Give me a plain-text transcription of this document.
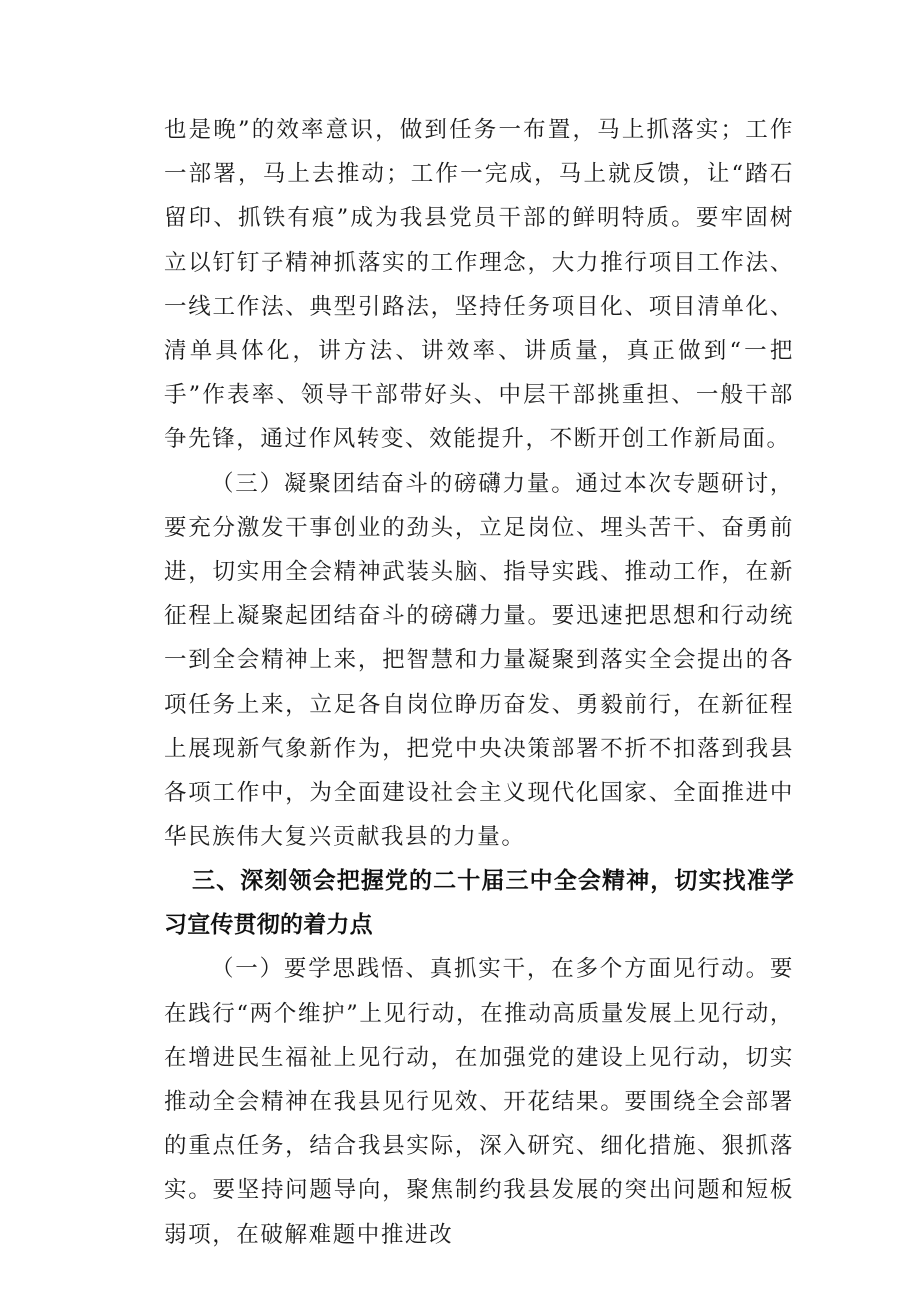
也是晚”的效率意识，做到任务一布置，马上抓落实；工作一部署，马上去推动；工作一完成，马上就反馈，让“踏石留印、抓铁有痕”成为我县党员干部的鲜明特质。要牢固树立以钉钉子精神抓落实的工作理念，大力推行项目工作法、一线工作法、典型引路法，坚持任务项目化、项目清单化、清单具体化，讲方法、讲效率、讲质量，真正做到“一把手”作表率、领导干部带好头、中层干部挑重担、一般干部争先锋，通过作风转变、效能提升，不断开创工作新局面。

（三）凝聚团结奋斗的磅礴力量。通过本次专题研讨，要充分激发干事创业的劲头，立足岗位、埋头苦干、奋勇前进，切实用全会精神武装头脑、指导实践、推动工作，在新征程上凝聚起团结奋斗的磅礴力量。要迅速把思想和行动统一到全会精神上来，把智慧和力量凝聚到落实全会提出的各项任务上来，立足各自岗位睁历奋发、勇毅前行，在新征程上展现新气象新作为，把党中央决策部署不折不扣落到我县各项工作中，为全面建设社会主义现代化国家、全面推进中华民族伟大复兴贡献我县的力量。

三、深刻领会把握党的二十届三中全会精神，切实找准学习宣传贯彻的着力点

（一）要学思践悟、真抓实干，在多个方面见行动。要在践行“两个维护”上见行动，在推动高质量发展上见行动，在增进民生福祉上见行动，在加强党的建设上见行动，切实推动全会精神在我县见行见效、开花结果。要围绕全会部署的重点任务，结合我县实际，深入研究、细化措施、狠抓落实。要坚持问题导向，聚焦制约我县发展的突出问题和短板弱项，在破解难题中推进改
